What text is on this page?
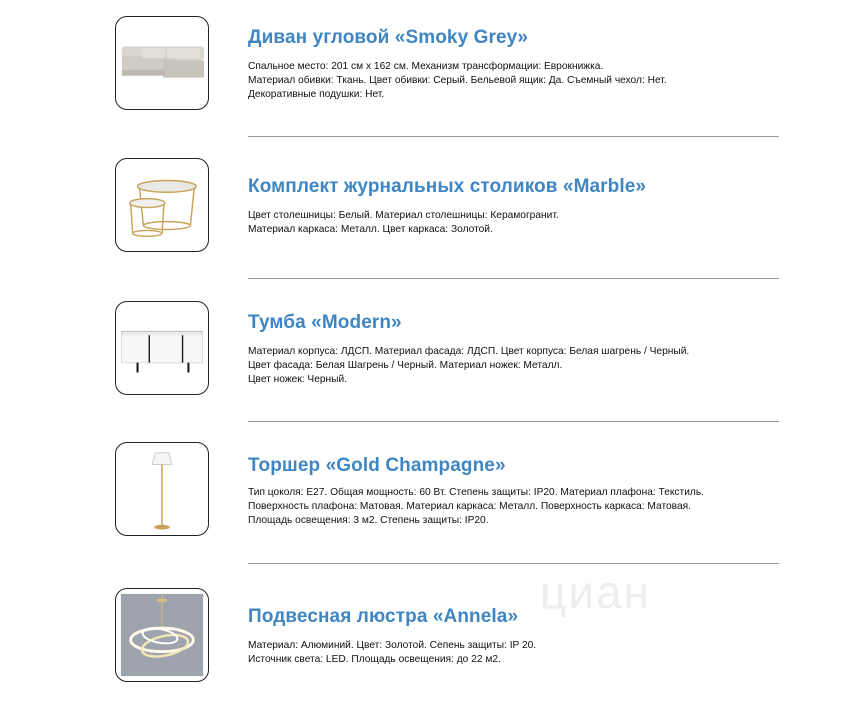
Диван угловой «Smoky Grey»

Спальное место: 201 см х 162 см. Механизм трансформации: Еврокнижка.
Материал обивки: Ткань. Цвет обивки: Серый. Бельевой ящик: Да. Съемный чехол: Нет.
Декоративные подушки: Нет.

Комплект журнальных столиков «Marble»

Цвет столешницы: Белый. Материал столешницы: Керамогранит.
Материал каркаса: Металл. Цвет каркаса: Золотой.

Тумба «Modern»

Материал корпуса: ЛДСП. Материал фасада: ЛДСП. Цвет корпуса: Белая шагрень / Черный.
Цвет фасада: Белая Шагрень / Черный. Материал ножек: Металл.
Цвет ножек: Черный.

Торшер «Gold Champagne»

Тип цоколя: E27. Общая мощность: 60 Вт. Степень защиты: IP20. Материал плафона: Текстиль.
Поверхность плафона: Матовая. Материал каркаса: Металл. Поверхность каркаса: Матовая.
Площадь освещения: 3 м2. Степень защиты: IP20.

циан
Подвесная люстра «Annela»

Материал: Алюминий. Цвет: Золотой. Сепень защиты: IP 20.
Источник света: LED. Площадь освещения: до 22 м2.
